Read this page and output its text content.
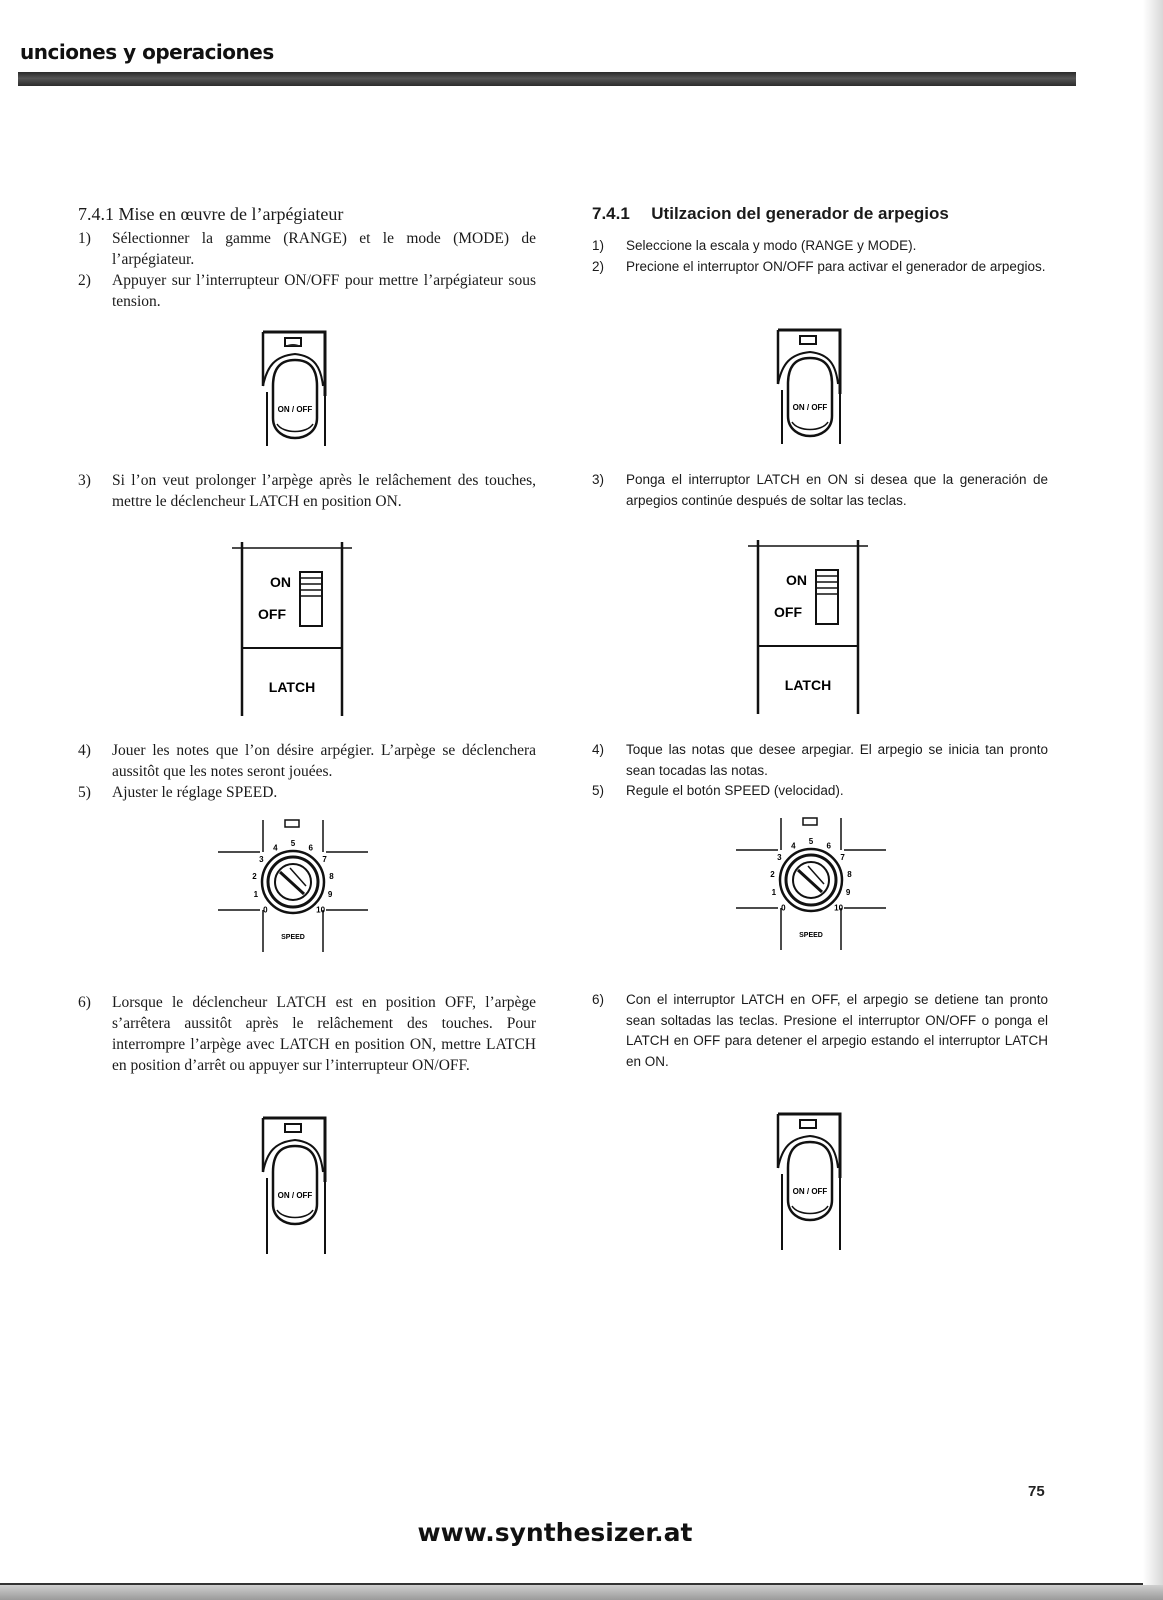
unciones y operaciones
7.4.1 Mise en œuvre de l’arpégiateur
1)	Sélectionner la gamme (RANGE) et le mode (MODE) de l’arpégiateur.
2)	Appuyer sur l’interrupteur ON/OFF pour mettre l’arpégiateur sous tension.
ON / OFF
3)	Si l’on veut prolonger l’arpège après le relâchement des touches, mettre le déclencheur LATCH en position ON.
ON
OFF
LATCH
4)	Jouer les notes que l’on désire arpégier. L’arpège se déclenchera aussitôt que les notes seront jouées.
5)	Ajuster le réglage SPEED.
0
1
2
3
4 5 6
7
8
9
10
SPEED
6)	Lorsque le déclencheur LATCH est en position OFF, l’arpège s’arrêtera aussitôt après le relâchement des touches. Pour interrompre l’arpège avec LATCH en position ON, mettre LATCH en position d’arrêt ou appuyer sur l’interrupteur ON/OFF.
ON / OFF
7.4.1 Utilzacion del generador de arpegios
1)	Seleccione la escala y modo (RANGE y MODE).
2)	Precione el interruptor ON/OFF para activar el generador de arpegios.
ON / OFF
3)	Ponga el interruptor LATCH en ON si desea que la generación de arpegios continúe después de soltar las teclas.
ON
OFF
LATCH
4)	Toque las notas que desee arpegiar. El arpegio se inicia tan pronto sean tocadas las notas.
5)	Regule el botón SPEED (velocidad).
0
1
2
3
4 5 6
7
8
9
10
SPEED
6)	Con el interruptor LATCH en OFF, el arpegio se detiene tan pronto sean soltadas las teclas. Presione el interruptor ON/OFF o ponga el LATCH en OFF para detener el arpegio estando el interruptor LATCH en ON.
ON / OFF
75
www.synthesizer.at
